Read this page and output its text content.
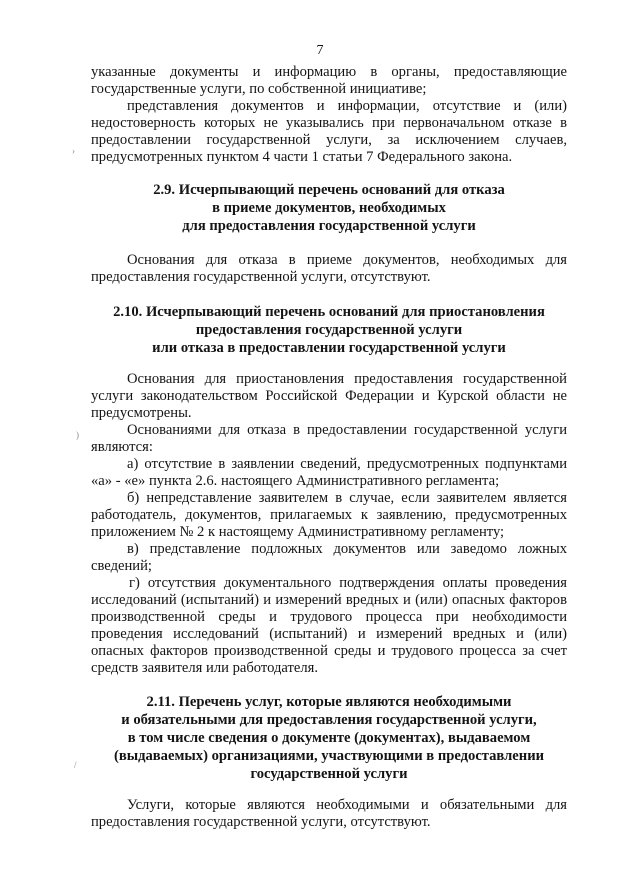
7
указанные документы и информацию в органы, предоставляющие
государственные услуги, по собственной инициативе;
представления документов и информации, отсутствие и (или)
недостоверность которых не указывались при первоначальном отказе в
предоставлении государственной услуги, за исключением случаев,
предусмотренных пунктом 4 части 1 статьи 7 Федерального закона.
2.9. Исчерпывающий перечень оснований для отказа
в приеме документов, необходимых
для предоставления государственной услуги
Основания для отказа в приеме документов, необходимых для
предоставления государственной услуги, отсутствуют.
2.10. Исчерпывающий перечень оснований для приостановления
предоставления государственной услуги
или отказа в предоставлении государственной услуги
Основания для приостановления предоставления государственной
услуги законодательством Российской Федерации и Курской области не
предусмотрены.
Основаниями для отказа в предоставлении государственной услуги
являются:
а) отсутствие в заявлении сведений, предусмотренных подпунктами
«а» - «е» пункта 2.6. настоящего Административного регламента;
б) непредставление заявителем в случае, если заявителем является
работодатель, документов, прилагаемых к заявлению, предусмотренных
приложением № 2 к настоящему Административному регламенту;
в) представление подложных документов или заведомо ложных
сведений;
г) отсутствия документального подтверждения оплаты проведения
исследований (испытаний) и измерений вредных и (или) опасных факторов
производственной среды и трудового процесса при необходимости
проведения исследований (испытаний) и измерений вредных и (или)
опасных факторов производственной среды и трудового процесса за счет
средств заявителя или работодателя.
2.11. Перечень услуг, которые являются необходимыми
и обязательными для предоставления государственной услуги,
в том числе сведения о документе (документах), выдаваемом
(выдаваемых) организациями, участвующими в предоставлении
государственной услуги
Услуги, которые являются необходимыми и обязательными для
предоставления государственной услуги, отсутствуют.
›
)
/
